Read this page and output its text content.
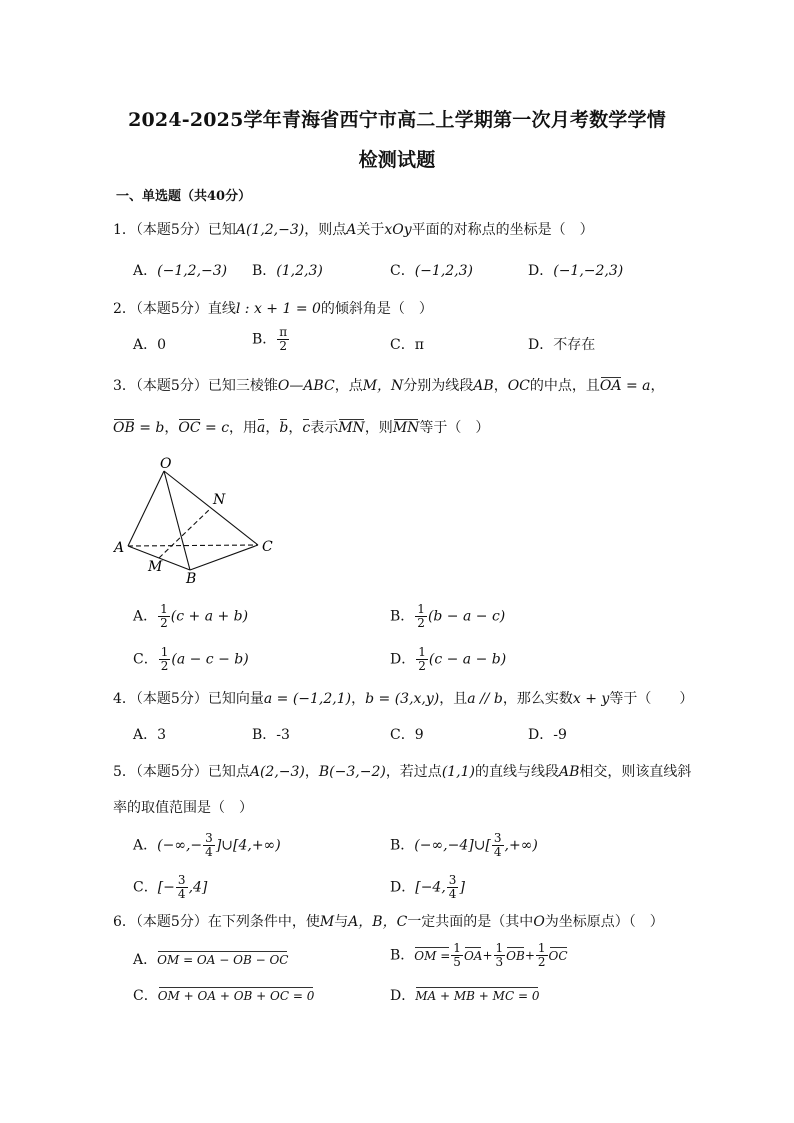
2024-2025学年青海省西宁市高二上学期第一次月考数学学情
检测试题
一、单选题（共40分）
1．（本题5分）已知A(1,2,−3)，则点A关于xOy平面的对称点的坐标是（　）
A．(−1,2,−3) B．(1,2,3)	C．(−1,2,3)	D．(−1,−2,3)
2．（本题5分）直线l : x + 1 = 0的倾斜角是（　）
A．0	B． $\frac{\pi}{2}$	C．π	D．不存在
3．（本题5分）已知三棱锥O—ABC，点M，N分别为线段AB，OC的中点，且OA = a，
OB = b，OC = c，用a，b，c表示MN，则MN等于（　）
O
A
B
C
M
N
A． $\frac{1}{2} (c + a + b)$	B． $\frac{1}{2} (b - a - c)$
C． $\frac{1}{2} (a - c - b)$	D． $\frac{1}{2} (c - a - b)$
4．（本题5分）已知向量a = (−1,2,1)，b = (3,x,y)，且a // b，那么实数x + y等于（　　）
A．3	B．-3	C．9	D．-9
5．（本题5分）已知点A(2,−3)，B(−3,−2)，若过点(1,1)的直线与线段AB相交，则该直线斜
率的取值范围是（　）
A．(−∞,− $\frac{3}{4}$ ]∪[4,+∞)	B．(−∞,−4]∪[ $\frac{3}{4}$ ,+∞)
C．[− $\frac{3}{4} ,4$]	D．[−4, $\frac{3}{4}$ ]
6．（本题5分）在下列条件中，使M与A，B，C一定共面的是（其中O为坐标原点）（　）
A．OM = OA − OB − OC	B．OM = $\frac{1}{5} OA+ \frac{1}{3} OB+ \frac{1}{2}$ OC
C．OM + OA + OB + OC = 0	D．MA + MB + MC = 0
